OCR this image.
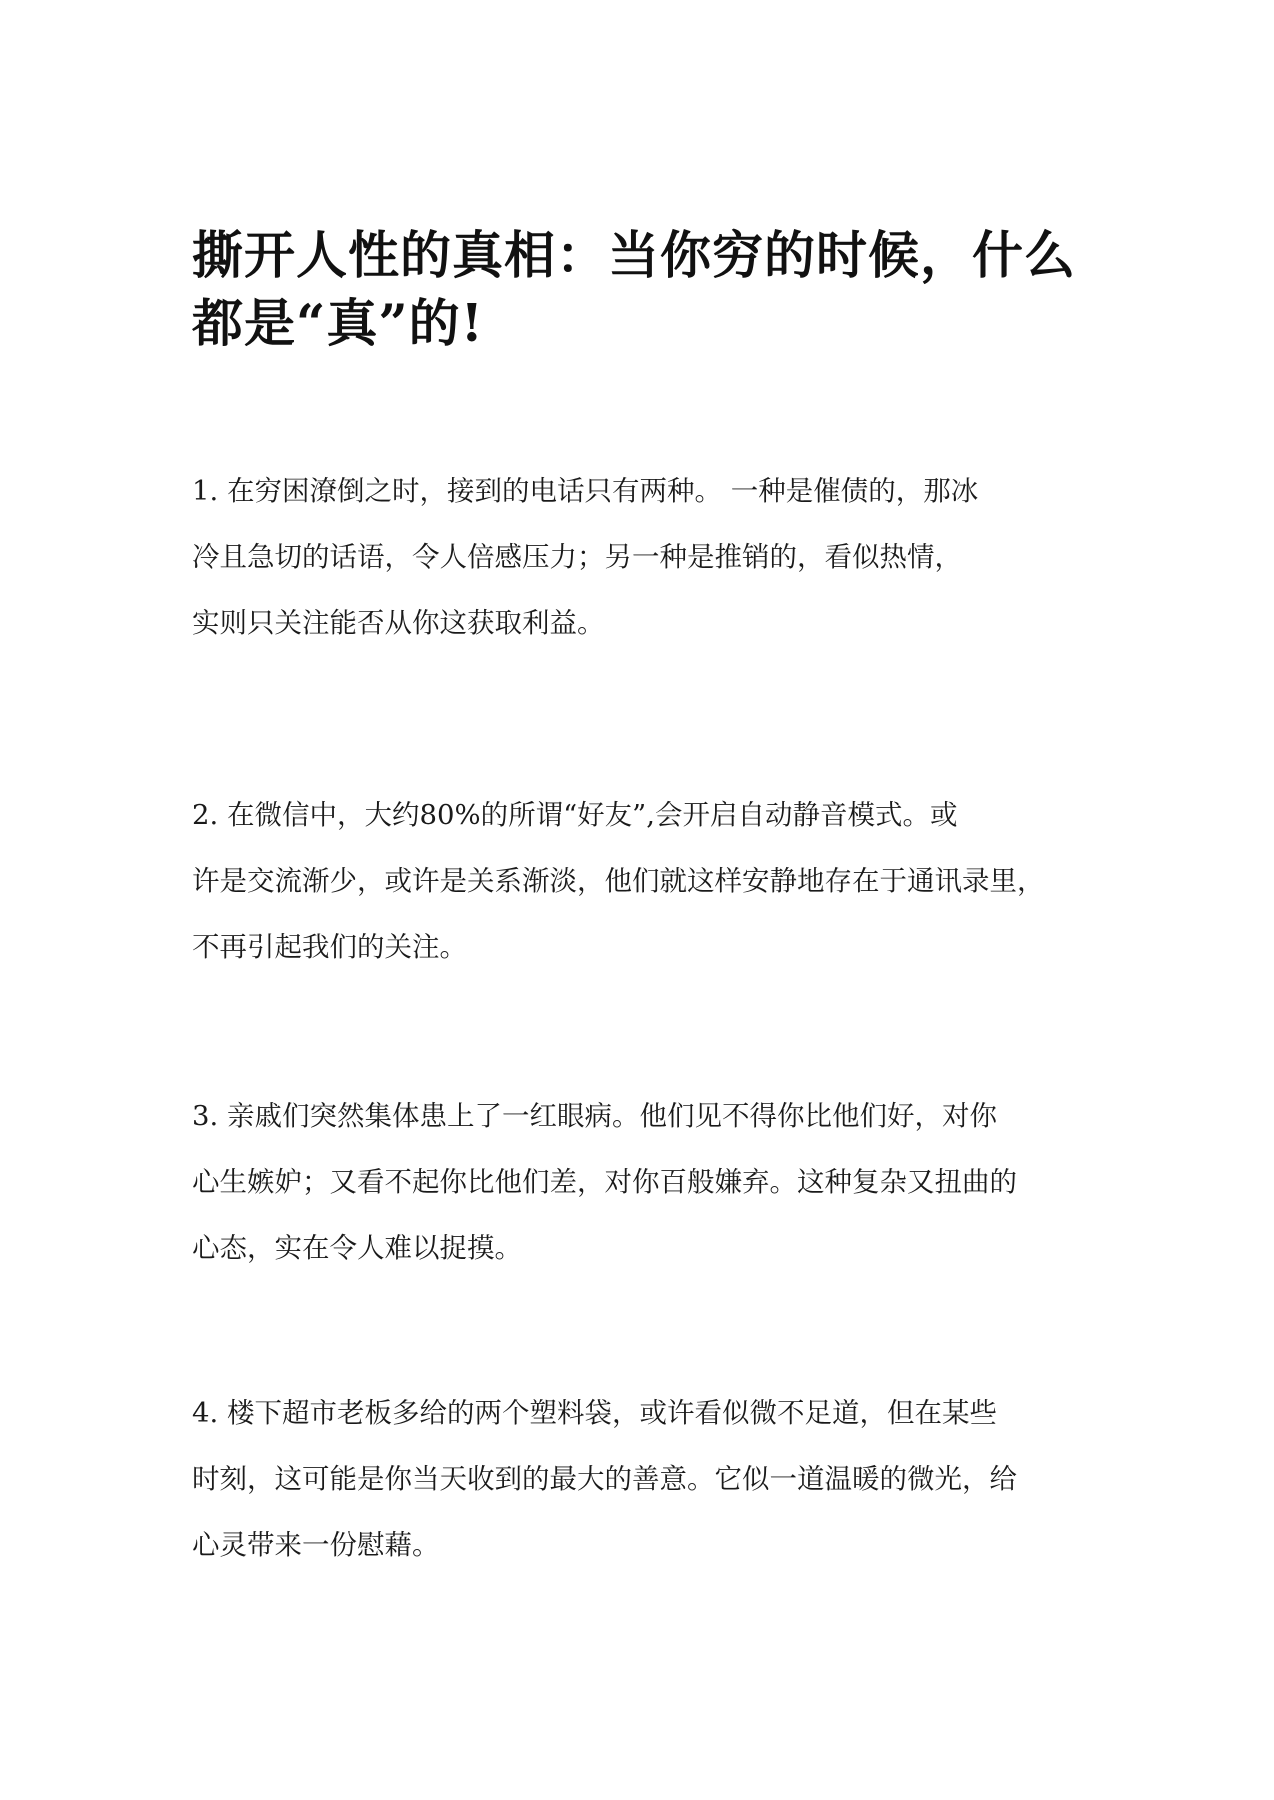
撕开人性的真相：当你穷的时候，什么
都是“真”的!

1. 在穷困潦倒之时，接到的电话只有两种。 一种是催债的，那冰
冷且急切的话语，令人倍感压力；另一种是推销的，看似热情，
实则只关注能否从你这获取利益。

2. 在微信中，大约80%的所谓“好友”,会开启自动静音模式。或
许是交流渐少，或许是关系渐淡，他们就这样安静地存在于通讯录里，
不再引起我们的关注。

3. 亲戚们突然集体患上了一红眼病。他们见不得你比他们好，对你
心生嫉妒；又看不起你比他们差，对你百般嫌弃。这种复杂又扭曲的
心态，实在令人难以捉摸。

4. 楼下超市老板多给的两个塑料袋，或许看似微不足道，但在某些
时刻，这可能是你当天收到的最大的善意。它似一道温暖的微光，给
心灵带来一份慰藉。
